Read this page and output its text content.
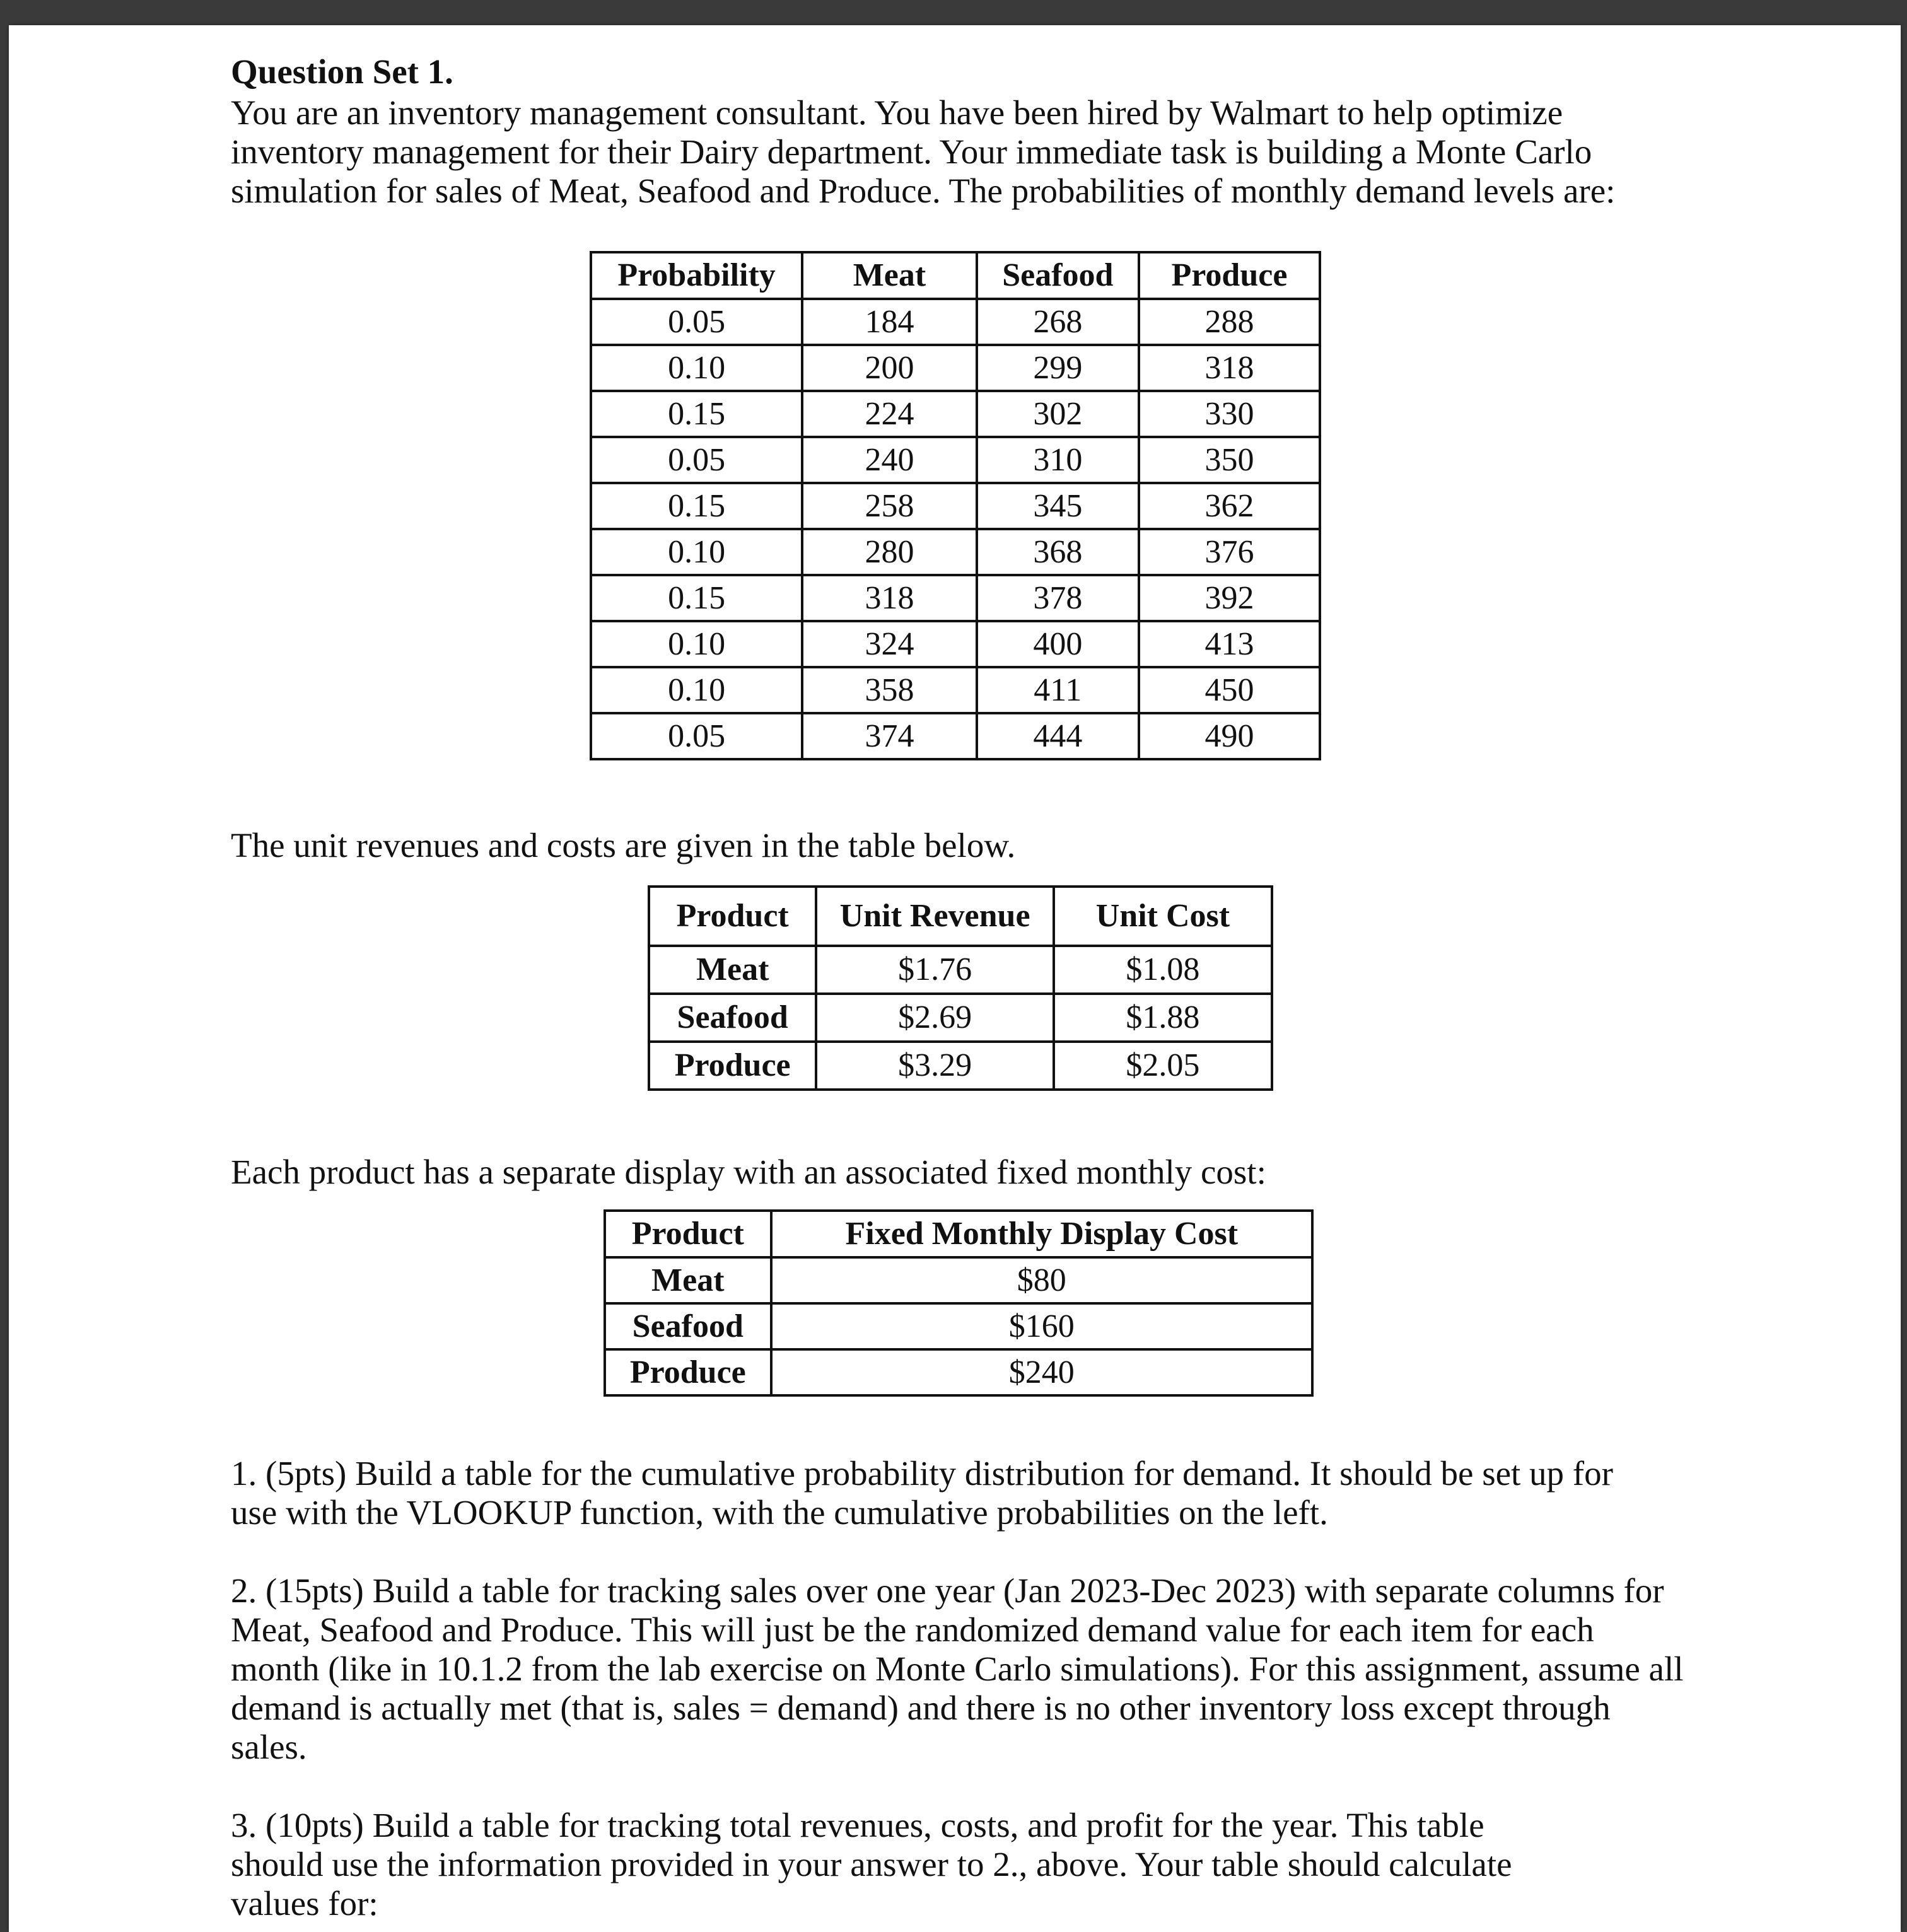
Question Set 1.
You are an inventory management consultant. You have been hired by Walmart to help optimize
inventory management for their Dairy department. Your immediate task is building a Monte Carlo
simulation for sales of Meat, Seafood and Produce. The probabilities of monthly demand levels are:
Probability	Meat	Seafood	Produce
0.05	184	268	288
0.10	200	299	318
0.15	224	302	330
0.05	240	310	350
0.15	258	345	362
0.10	280	368	376
0.15	318	378	392
0.10	324	400	413
0.10	358	411	450
0.05	374	444	490
The unit revenues and costs are given in the table below.
Product	Unit Revenue	Unit Cost
Meat	$1.76	$1.08
Seafood	$2.69	$1.88
Produce	$3.29	$2.05
Each product has a separate display with an associated fixed monthly cost:
Product	Fixed Monthly Display Cost
Meat	$80
Seafood	$160
Produce	$240
1. (5pts) Build a table for the cumulative probability distribution for demand. It should be set up for
use with the VLOOKUP function, with the cumulative probabilities on the left.
2. (15pts) Build a table for tracking sales over one year (Jan 2023-Dec 2023) with separate columns for
Meat, Seafood and Produce. This will just be the randomized demand value for each item for each
month (like in 10.1.2 from the lab exercise on Monte Carlo simulations). For this assignment, assume all
demand is actually met (that is, sales = demand) and there is no other inventory loss except through
sales.
3. (10pts) Build a table for tracking total revenues, costs, and profit for the year. This table
should use the information provided in your answer to 2., above. Your table should calculate
values for:
